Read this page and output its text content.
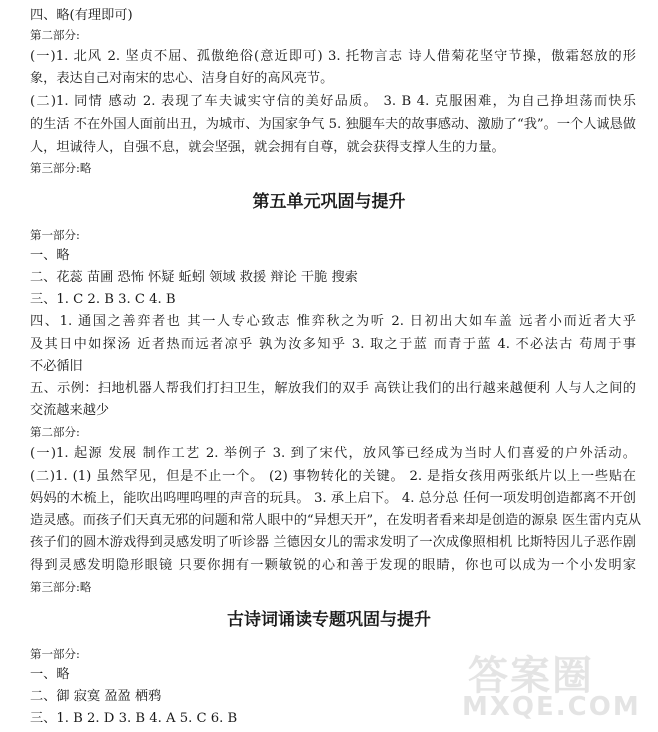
四、略(有理即可)
第二部分:
(一)1. 北风 2. 坚贞不屈、孤傲绝俗(意近即可) 3. 托物言志 诗人借菊花坚守节操，傲霜怒放的形
象，表达自己对南宋的忠心、洁身自好的高风亮节。
(二)1. 同情 感动 2. 表现了车夫诚实守信的美好品质。 3. B 4. 克服困难，为自己挣坦荡而快乐
的生活 不在外国人面前出丑，为城市、为国家争气 5. 独腿车夫的故事感动、激励了“我”。一个人诚恳做
人，坦诚待人，自强不息，就会坚强，就会拥有自尊，就会获得支撑人生的力量。
第三部分:略
第五单元巩固与提升
第一部分:
一、略
二、花蕊 苗圃 恐怖 怀疑 蚯蚓 领域 救援 辩论 干脆 搜索
三、1. C 2. B 3. C 4. B
四、1. 通国之善弈者也 其一人专心致志 惟弈秋之为听 2. 日初出大如车盖 远者小而近者大乎
及其日中如探汤 近者热而远者凉乎 孰为汝多知乎 3. 取之于蓝 而青于蓝 4. 不必法古 苟周于事
不必循旧
五、示例：扫地机器人帮我们打扫卫生，解放我们的双手 高铁让我们的出行越来越便利 人与人之间的
交流越来越少
第二部分:
(一)1. 起源 发展 制作工艺 2. 举例子 3. 到了宋代，放风筝已经成为当时人们喜爱的户外活动。
(二)1. (1) 虽然罕见，但是不止一个。 (2) 事物转化的关键。 2. 是指女孩用两张纸片以上一些贴在
妈妈的木梳上，能吹出呜哩呜哩的声音的玩具。 3. 承上启下。 4. 总分总 任何一项发明创造都离不开创
造灵感。而孩子们天真无邪的问题和常人眼中的“异想天开”，在发明者看来却是创造的源泉 医生雷内克从
孩子们的圆木游戏得到灵感发明了听诊器 兰德因女儿的需求发明了一次成像照相机 比斯特因儿子恶作剧
得到灵感发明隐形眼镜 只要你拥有一颗敏锐的心和善于发现的眼睛，你也可以成为一个小发明家
第三部分:略
古诗词诵读专题巩固与提升
第一部分:
一、略
二、御 寂寞 盈盈 栖鸦
三、1. B 2. D 3. B 4. A 5. C 6. B
答案圈
MXQE.COM
